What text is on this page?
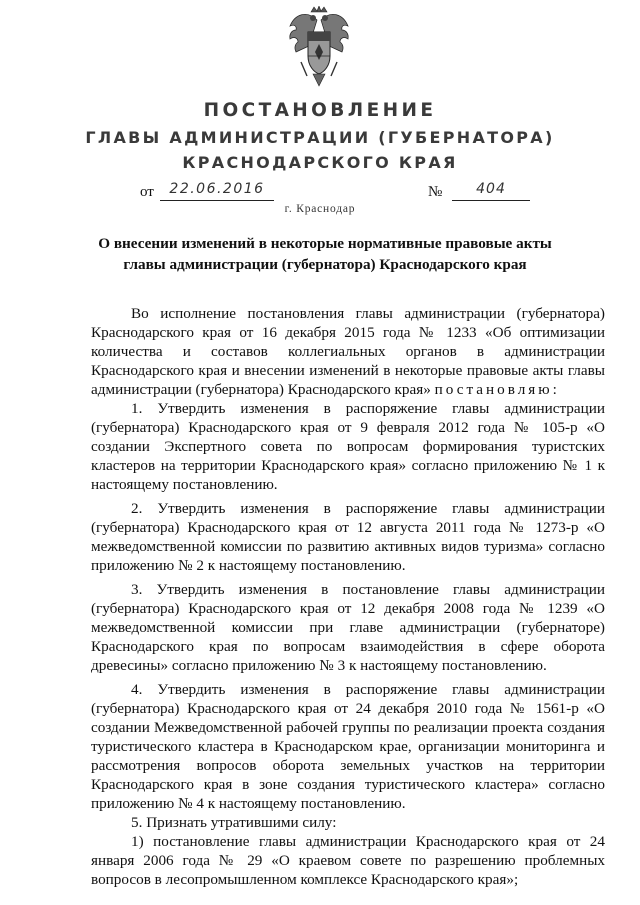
ПОСТАНОВЛЕНИЕ
ГЛАВЫ АДМИНИСТРАЦИИ (ГУБЕРНАТОРА)
КРАСНОДАРСКОГО КРАЯ
от	22.06.2016	№	404
г. Краснодар
О внесении изменений в некоторые нормативные правовые акты
главы администрации (губернатора) Краснодарского края

Во исполнение постановления главы администрации (губернатора) Краснодарского края от 16 декабря 2015 года № 1233 «Об оптимизации количества и составов коллегиальных органов в администрации Краснодарского края и внесении изменений в некоторые правовые акты главы администрации (губернатора) Краснодарского края» постановляю:

1. Утвердить изменения в распоряжение главы администрации (губернатора) Краснодарского края от 9 февраля 2012 года № 105-р «О создании Экспертного совета по вопросам формирования туристских кластеров на территории Краснодарского края» согласно приложению № 1 к настоящему постановлению.

2. Утвердить изменения в распоряжение главы администрации (губернатора) Краснодарского края от 12 августа 2011 года № 1273-р «О межведомственной комиссии по развитию активных видов туризма» согласно приложению № 2 к настоящему постановлению.

3. Утвердить изменения в постановление главы администрации (губернатора) Краснодарского края от 12 декабря 2008 года № 1239 «О межведомственной комиссии при главе администрации (губернаторе) Краснодарского края по вопросам взаимодействия в сфере оборота древесины» согласно приложению № 3 к настоящему постановлению.

4. Утвердить изменения в распоряжение главы администрации (губернатора) Краснодарского края от 24 декабря 2010 года № 1561-р «О создании Межведомственной рабочей группы по реализации проекта создания туристического кластера в Краснодарском крае, организации мониторинга и рассмотрения вопросов оборота земельных участков на территории Краснодарского края в зоне создания туристического кластера» согласно приложению № 4 к настоящему постановлению.

5. Признать утратившими силу:

1) постановление главы администрации Краснодарского края от 24 января 2006 года № 29 «О краевом совете по разрешению проблемных вопросов в лесопромышленном комплексе Краснодарского края»;
